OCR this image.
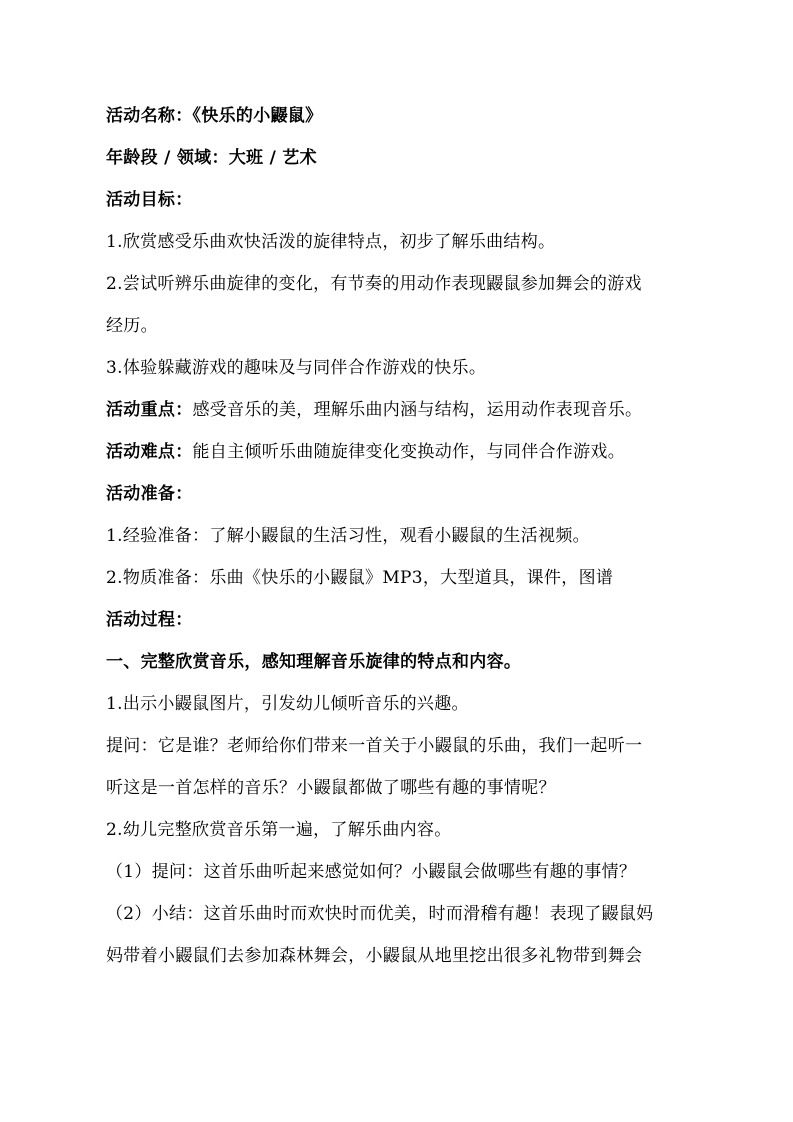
活动名称：《快乐的小鼹鼠》
年龄段 / 领域：大班 / 艺术
活动目标：
1.欣赏感受乐曲欢快活泼的旋律特点，初步了解乐曲结构。
2.尝试听辨乐曲旋律的变化，有节奏的用动作表现鼹鼠参加舞会的游戏
经历。
3.体验躲藏游戏的趣味及与同伴合作游戏的快乐。
活动重点：感受音乐的美，理解乐曲内涵与结构，运用动作表现音乐。
活动难点：能自主倾听乐曲随旋律变化变换动作，与同伴合作游戏。
活动准备：
1.经验准备：了解小鼹鼠的生活习性，观看小鼹鼠的生活视频。
2.物质准备：乐曲《快乐的小鼹鼠》MP3，大型道具，课件，图谱
活动过程：
一、完整欣赏音乐，感知理解音乐旋律的特点和内容。
1.出示小鼹鼠图片，引发幼儿倾听音乐的兴趣。
提问：它是谁？老师给你们带来一首关于小鼹鼠的乐曲，我们一起听一
听这是一首怎样的音乐？小鼹鼠都做了哪些有趣的事情呢？
2.幼儿完整欣赏音乐第一遍，了解乐曲内容。
（1）提问：这首乐曲听起来感觉如何？小鼹鼠会做哪些有趣的事情？
（2）小结：这首乐曲时而欢快时而优美，时而滑稽有趣！表现了鼹鼠妈
妈带着小鼹鼠们去参加森林舞会，小鼹鼠从地里挖出很多礼物带到舞会
